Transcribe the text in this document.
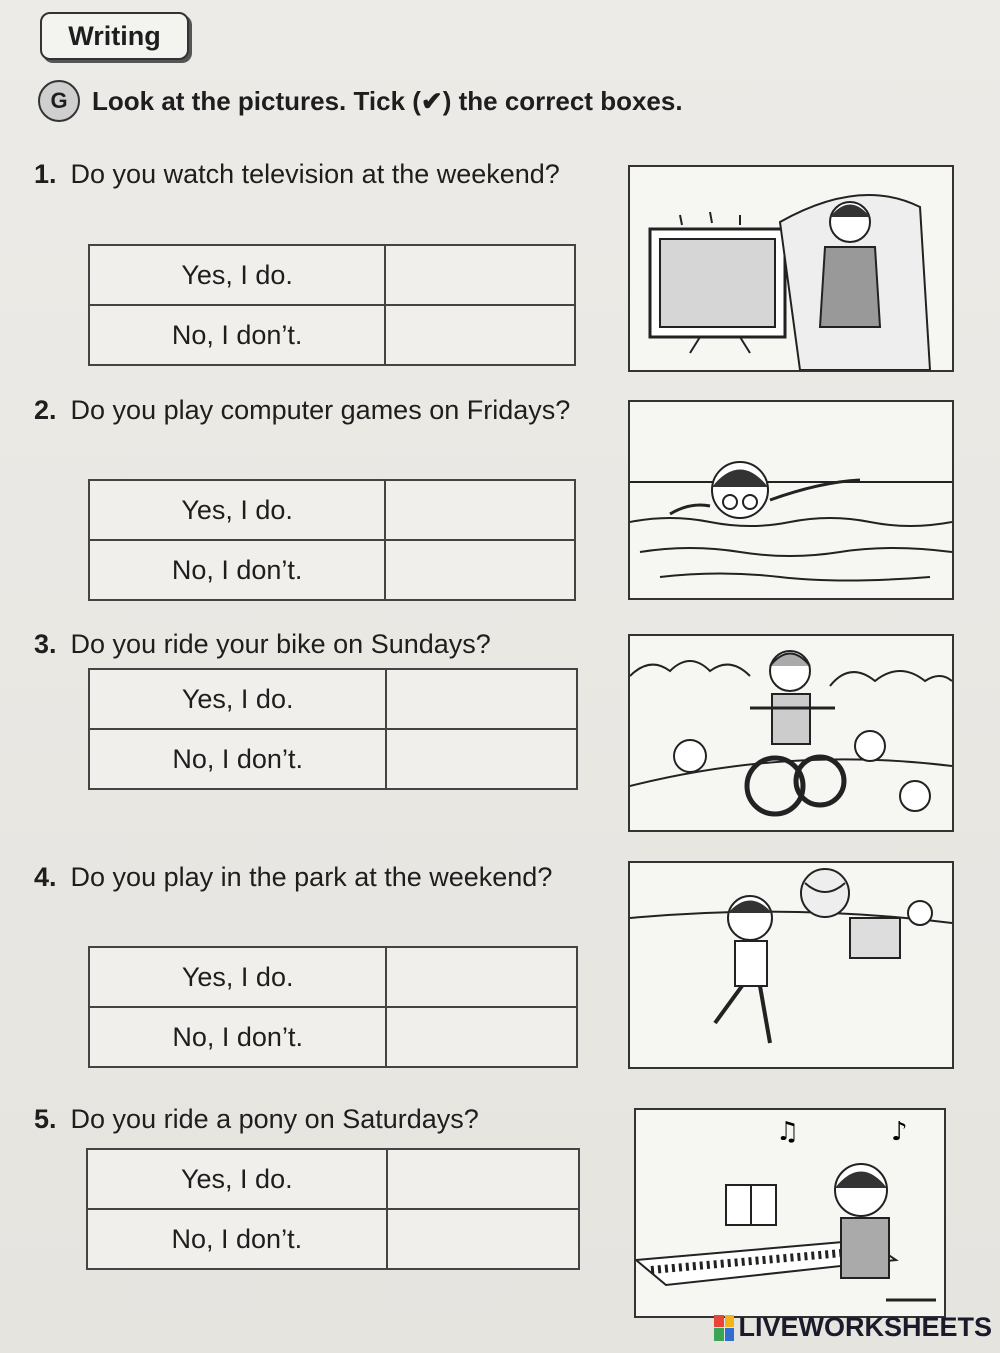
Writing
G Look at the pictures. Tick (✔) the correct boxes.
1. Do you watch television at the weekend?
Yes, I do.	
No, I don’t.	
2. Do you play computer games on Fridays?
Yes, I do.	
No, I don’t.	
3. Do you ride your bike on Sundays?
Yes, I do.	
No, I don’t.	
4. Do you play in the park at the weekend?
Yes, I do.	
No, I don’t.	
5. Do you ride a pony on Saturdays?
Yes, I do.	
No, I don’t.	
♫	♪
LIVEWORKSHEETS
